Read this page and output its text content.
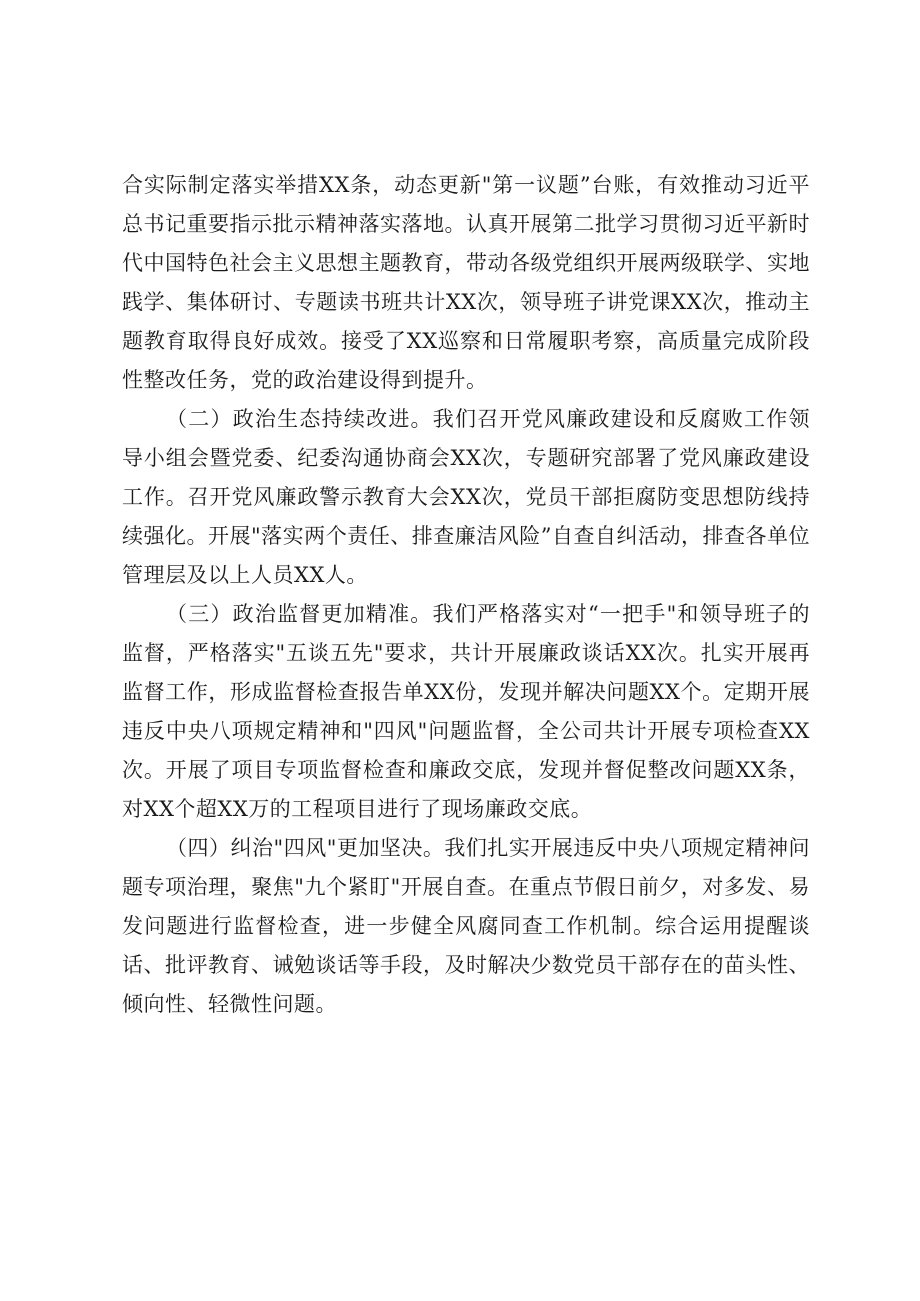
合实际制定落实举措XX条，动态更新"第一议题”台账，有效推动习近平总书记重要指示批示精神落实落地。认真开展第二批学习贯彻习近平新时代中国特色社会主义思想主题教育，带动各级党组织开展两级联学、实地践学、集体研讨、专题读书班共计XX次，领导班子讲党课XX次，推动主题教育取得良好成效。接受了XX巡察和日常履职考察，高质量完成阶段性整改任务，党的政治建设得到提升。

（二）政治生态持续改进。我们召开党风廉政建设和反腐败工作领导小组会暨党委、纪委沟通协商会XX次，专题研究部署了党风廉政建设工作。召开党风廉政警示教育大会XX次，党员干部拒腐防变思想防线持续强化。开展"落实两个责任、排查廉洁风险”自查自纠活动，排查各单位管理层及以上人员XX人。

（三）政治监督更加精准。我们严格落实对“一把手"和领导班子的监督，严格落实"五谈五先"要求，共计开展廉政谈话XX次。扎实开展再监督工作，形成监督检查报告单XX份，发现并解决问题XX个。定期开展违反中央八项规定精神和"四风"问题监督，全公司共计开展专项检查XX次。开展了项目专项监督检查和廉政交底，发现并督促整改问题XX条，对XX个超XX万的工程项目进行了现场廉政交底。

（四）纠治"四风"更加坚决。我们扎实开展违反中央八项规定精神问题专项治理，聚焦"九个紧盯"开展自查。在重点节假日前夕，对多发、易发问题进行监督检查，进一步健全风腐同查工作机制。综合运用提醒谈话、批评教育、诫勉谈话等手段，及时解决少数党员干部存在的苗头性、倾向性、轻微性问题。
